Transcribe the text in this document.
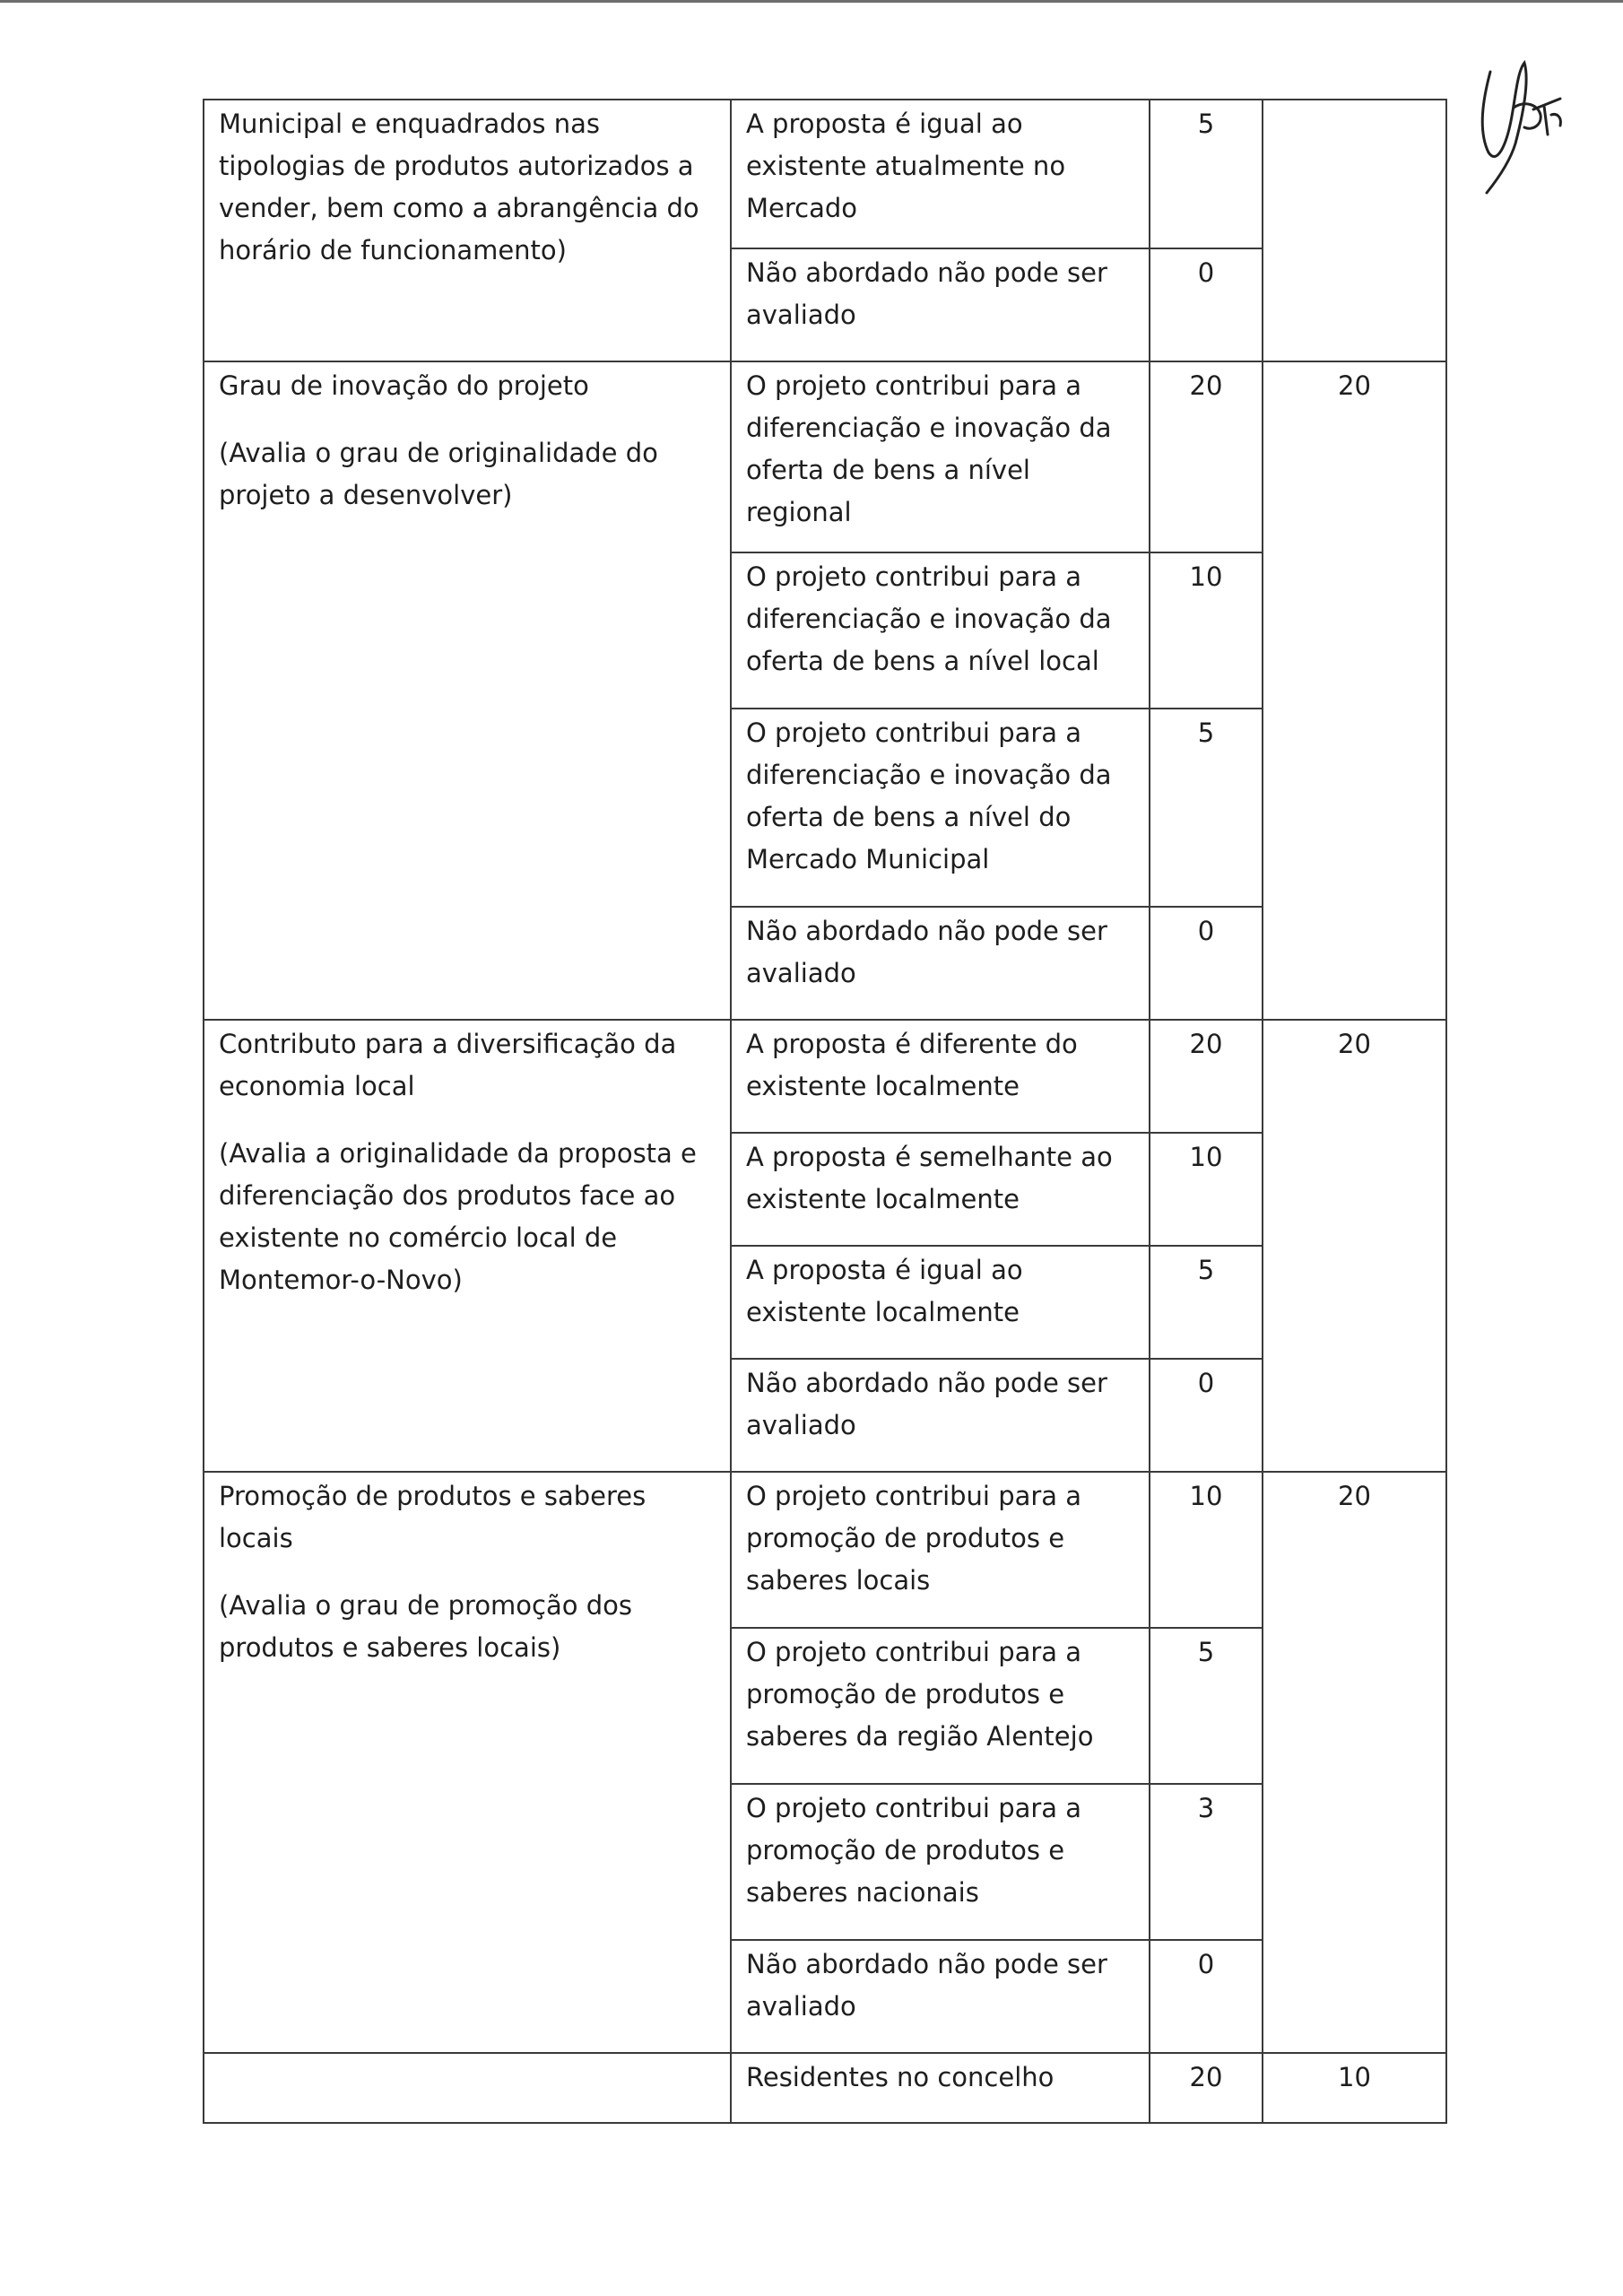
Municipal e enquadrados nas tipologias de produtos autorizados a vender, bem como a abrangência do horário de funcionamento)	A proposta é igual ao existente atualmente no Mercado	5	
	Não abordado não pode ser avaliado	0	

Grau de inovação do projeto
(Avalia o grau de originalidade do projeto a desenvolver)	O projeto contribui para a diferenciação e inovação da oferta de bens a nível regional	20	20
	O projeto contribui para a diferenciação e inovação da oferta de bens a nível local	10	
	O projeto contribui para a diferenciação e inovação da oferta de bens a nível do Mercado Municipal	5	
	Não abordado não pode ser avaliado	0	

Contributo para a diversificação da economia local
(Avalia a originalidade da proposta e diferenciação dos produtos face ao existente no comércio local de Montemor-o-Novo)	A proposta é diferente do existente localmente	20	20
	A proposta é semelhante ao existente localmente	10	
	A proposta é igual ao existente localmente	5	
	Não abordado não pode ser avaliado	0	

Promoção de produtos e saberes locais
(Avalia o grau de promoção dos produtos e saberes locais)	O projeto contribui para a promoção de produtos e saberes locais	10	20
	O projeto contribui para a promoção de produtos e saberes da região Alentejo	5	
	O projeto contribui para a promoção de produtos e saberes nacionais	3	
	Não abordado não pode ser avaliado	0	
	Residentes no concelho	20	10
